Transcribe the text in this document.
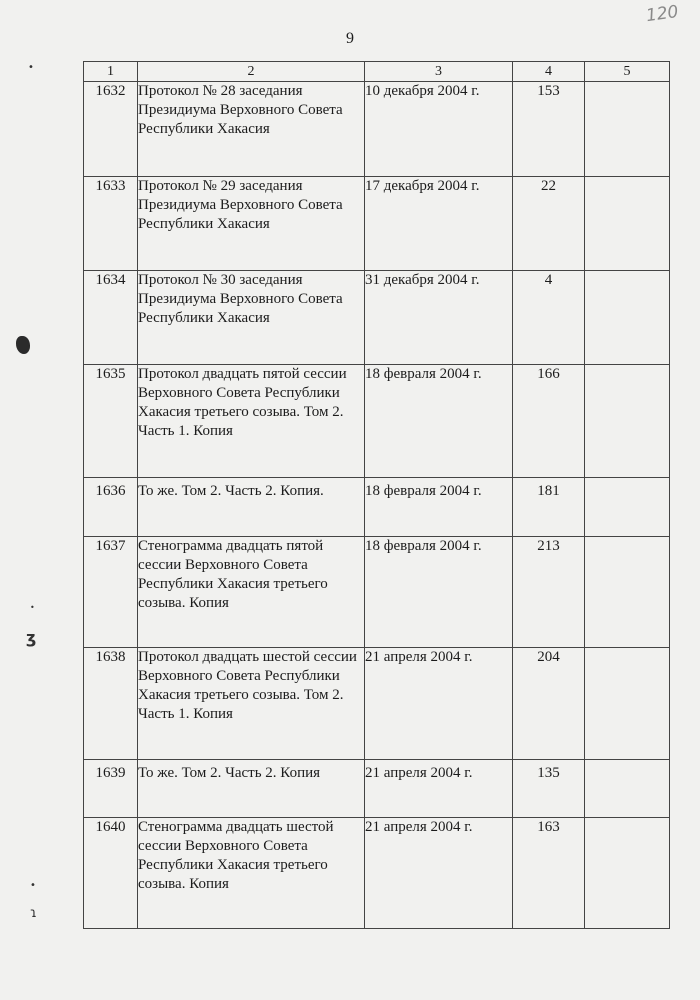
120
9
•
•
ʒ
•
ɿ
1	2	3	4	5
1632	Протокол № 28 заседания Президиума Верховного Совета Республики Хакасия	10 декабря 2004 г.	153	
1633	Протокол № 29 заседания Президиума Верховного Совета Республики Хакасия	17 декабря 2004 г.	22	
1634	Протокол № 30 заседания Президиума Верховного Совета Республики Хакасия	31 декабря 2004 г.	4	
1635	Протокол двадцать пятой сессии Верховного Совета Республики Хакасия третьего созыва. Том 2. Часть 1. Копия	18 февраля 2004 г.	166	
1636	То же. Том 2. Часть 2. Копия.	18 февраля 2004 г.	181	
1637	Стенограмма двадцать пятой сессии Верховного Совета Республики Хакасия третьего созыва. Копия	18 февраля 2004 г.	213	
1638	Протокол двадцать шестой сессии Верховного Совета Республики Хакасия третьего созыва. Том 2. Часть 1. Копия	21 апреля 2004 г.	204	
1639	То же. Том 2. Часть 2. Копия	21 апреля 2004 г.	135	
1640	Стенограмма двадцать шестой сессии Верховного Совета Республики Хакасия третьего созыва. Копия	21 апреля 2004 г.	163	
